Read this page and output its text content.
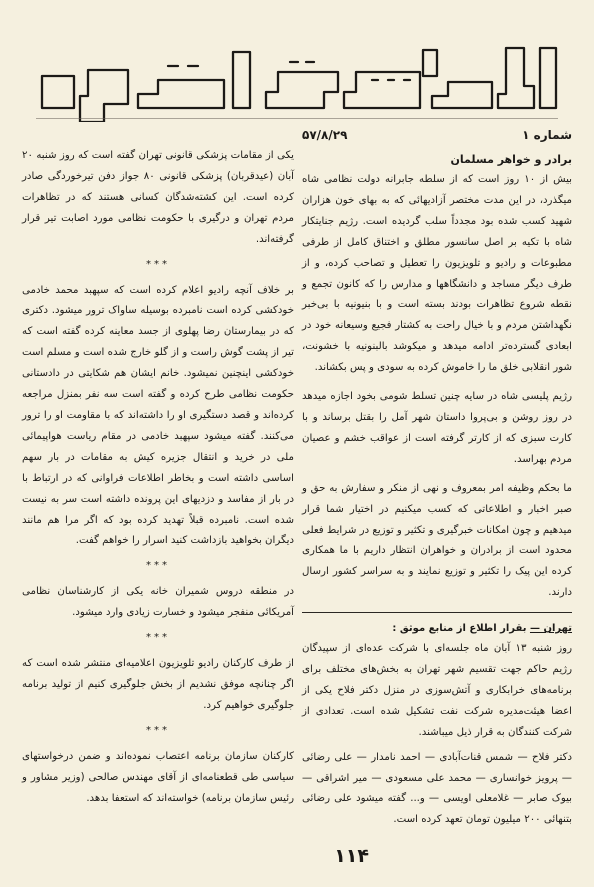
شماره ۱
۵۷/۸/۲۹
برادر و خواهر مسلمان

بیش از ۱۰ روز است که از سلطه جابرانه دولت نظامی شاه میگذرد، در این مدت مختصر آزادیهائی که به بهای خون هزاران شهید کسب شده بود مجدداً سلب گردیده است. رژیم جنایتکار شاه با تکیه بر اصل سانسور مطلق و اختناق کامل از طرفی مطبوعات و رادیو و تلویزیون را تعطیل و تصاحب کرده، و از طرف دیگر مساجد و دانشگاهها و مدارس را که کانون تجمع و نقطه شروع تظاهرات بودند بسته است و با بنیونیه با بی‌خبر نگهداشتن مردم و با خیال راحت به کشتار فجیع وسیعانه خود در ابعادی گسترده‌تر ادامه میدهد و میکوشد بالبنونیه با خشونت، شور انقلابی خلق ما را خاموش کرده به سودی و پس بکشاند.

رژیم پلیسی شاه در سایه چنین تسلط شومی بخود اجازه میدهد در روز روشن و بی‌پروا داستان شهر آمل را بقتل برساند و با کارت سبزی که از کارتر گرفته است از عواقب خشم و عصیان مردم بهراسد.

ما بحکم وظیفه امر بمعروف و نهی از منکر و سفارش به حق و صبر اخبار و اطلاعاتی که کسب میکنیم در اختیار شما قرار میدهیم و چون امکانات خبرگیری و تکثیر و توزیع در شرایط فعلی محدود است از برادران و خواهران انتظار داریم با ما همکاری کرده این پیک را تکثیر و توزیع نمایند و به سراسر کشور ارسال دارند.

تهران — بقرار اطلاع از منابع موثق :

روز شنبه ۱۳ آبان ماه جلسه‌ای با شرکت عده‌ای از سپیدگان رژیم حاکم جهت تقسیم شهر تهران به بخش‌های مختلف برای برنامه‌های خرابکاری و آتش‌سوزی در منزل دکتر فلاح یکی از اعضا هیئت‌مدیره شرکت نفت تشکیل شده است. تعدادی از شرکت کنندگان به قرار ذیل میباشند.

دکتر فلاح — شمس قنات‌آبادی — احمد نامدار — علی رضائی — پرویز خوانساری — محمد علی مسعودی — میر اشراقی — بیوک صابر — غلامعلی اویسی — و... گفته میشود علی رضائی بتنهائی ۲۰۰ میلیون تومان تعهد کرده است.

یکی از مقامات پزشکی قانونی تهران گفته است که روز شنبه ۲۰ آبان (عیدقربان) پزشکی قانونی ۸۰ جواز دفن تیرخوردگی صادر کرده است. این کشته‌شدگان کسانی هستند که در تظاهرات مردم تهران و درگیری با حکومت نظامی مورد اصابت تیر قرار گرفته‌اند.

***

بر خلاف آنچه رادیو اعلام کرده است که سپهبد محمد خادمی خودکشی کرده است نامبرده بوسیله ساواک ترور میشود. دکتری که در بیمارستان رضا پهلوی از جسد معاینه کرده گفته است که تیر از پشت گوش راست و از گلو خارج شده است و مسلم است خودکشی اینچنین نمیشود. خانم ایشان هم شکایتی در دادستانی حکومت نظامی طرح کرده و گفته است سه نفر بمنزل مراجعه کرده‌اند و قصد دستگیری او را داشته‌اند که با مقاومت او را ترور می‌کنند. گفته میشود سپهبد خادمی در مقام ریاست هواپیمائی ملی در خرید و انتقال جزیره کیش به مقامات در بار سهم اساسی داشته است و بخاطر اطلاعات فراوانی که در ارتباط با در بار از مفاسد و دزدیهای این پرونده داشته است سر به نیست شده است. نامبرده قبلاً تهدید کرده بود که اگر مرا هم مانند دیگران بخواهید بازداشت کنید اسرار را خواهم گفت.

***

در منطقه دروس شمیران خانه یکی از کارشناسان نظامی آمریکائی منفجر میشود و خسارت زیادی وارد میشود.

***

از طرف کارکنان رادیو تلویزیون اعلامیه‌ای منتشر شده است که اگر چنانچه موفق نشدیم از بخش جلوگیری کنیم از تولید برنامه جلوگیری خواهیم کرد.

***

کارکنان سازمان برنامه اعتصاب نموده‌اند و ضمن درخواستهای سیاسی طی قطعنامه‌ای از آقای مهندس صالحی (وزیر مشاور و رئیس سازمان برنامه) خواسته‌اند که استعفا بدهد.

۱۱۴
